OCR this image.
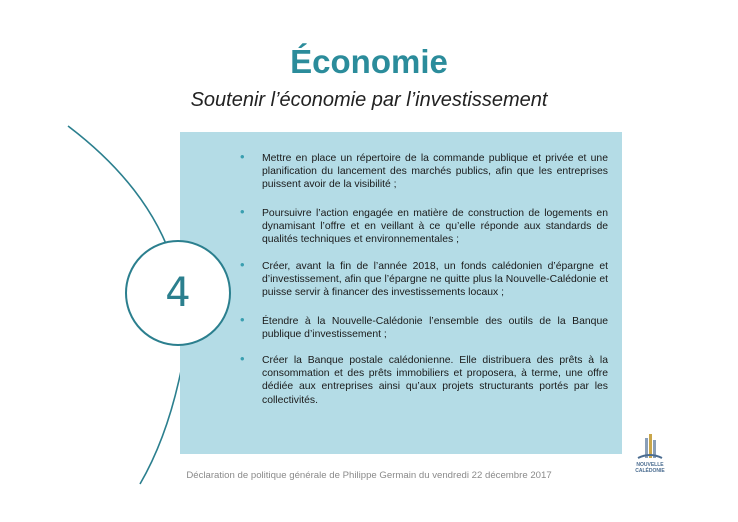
Économie
Soutenir l’économie par l’investissement
• Mettre en place un répertoire de la commande publique et privée et une planification du lancement des marchés publics, afin que les entreprises puissent avoir de la visibilité ;
• Poursuivre l’action engagée en matière de construction de logements en dynamisant l’offre et en veillant à ce qu’elle réponde aux standards de qualités techniques et environnementales ;
• Créer, avant la fin de l’année 2018, un fonds calédonien d’épargne et d’investissement, afin que l’épargne ne quitte plus la Nouvelle-Calédonie et puisse servir à financer des investissements locaux ;
• Étendre à la Nouvelle-Calédonie l’ensemble des outils de la Banque publique d’investissement ;
• Créer la Banque postale calédonienne. Elle distribuera des prêts à la consommation et des prêts immobiliers et proposera, à terme, une offre dédiée aux entreprises ainsi qu’aux projets structurants portés par les collectivités.
4
Déclaration de politique générale de Philippe Germain du vendredi 22 décembre 2017
NOUVELLE
CALÉDONIE
